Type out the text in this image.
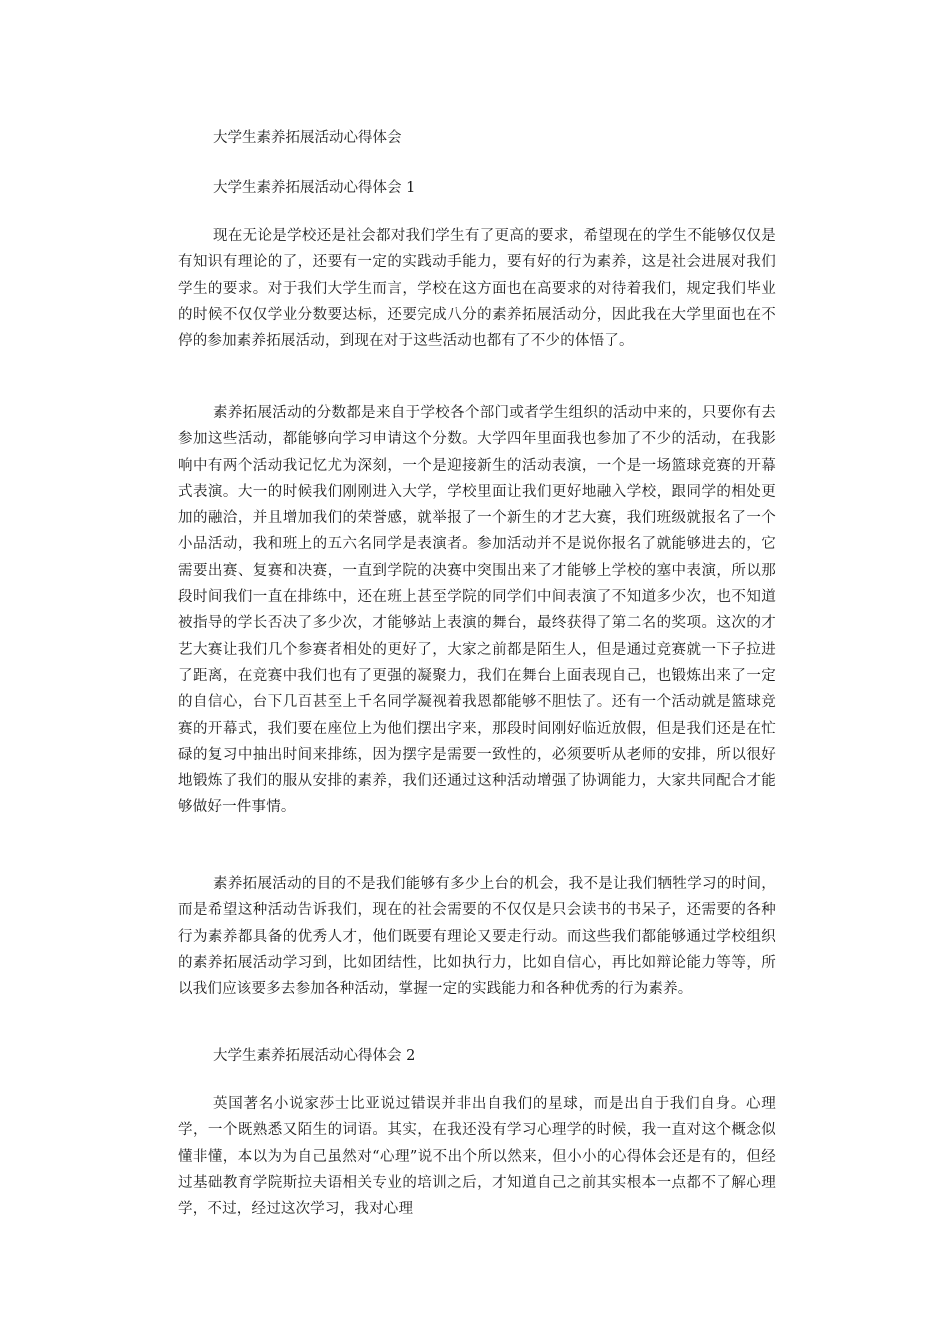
大学生素养拓展活动心得体会
大学生素养拓展活动心得体会 1

现在无论是学校还是社会都对我们学生有了更高的要求，希望现在的学生不能够仅仅是有知识有理论的了，还要有一定的实践动手能力，要有好的行为素养，这是社会进展对我们学生的要求。对于我们大学生而言，学校在这方面也在高要求的对待着我们，规定我们毕业的时候不仅仅学业分数要达标，还要完成八分的素养拓展活动分，因此我在大学里面也在不停的参加素养拓展活动，到现在对于这些活动也都有了不少的体悟了。

素养拓展活动的分数都是来自于学校各个部门或者学生组织的活动中来的，只要你有去参加这些活动，都能够向学习申请这个分数。大学四年里面我也参加了不少的活动，在我影响中有两个活动我记忆尤为深刻，一个是迎接新生的活动表演，一个是一场篮球竞赛的开幕式表演。大一的时候我们刚刚进入大学，学校里面让我们更好地融入学校，跟同学的相处更加的融洽，并且增加我们的荣誉感，就举报了一个新生的才艺大赛，我们班级就报名了一个小品活动，我和班上的五六名同学是表演者。参加活动并不是说你报名了就能够进去的，它需要出赛、复赛和决赛，一直到学院的决赛中突围出来了才能够上学校的塞中表演，所以那段时间我们一直在排练中，还在班上甚至学院的同学们中间表演了不知道多少次，也不知道被指导的学长否决了多少次，才能够站上表演的舞台，最终获得了第二名的奖项。这次的才艺大赛让我们几个参赛者相处的更好了，大家之前都是陌生人，但是通过竞赛就一下子拉进了距离，在竞赛中我们也有了更强的凝聚力，我们在舞台上面表现自己，也锻炼出来了一定的自信心，台下几百甚至上千名同学凝视着我恩都能够不胆怯了。还有一个活动就是篮球竞赛的开幕式，我们要在座位上为他们摆出字来，那段时间刚好临近放假，但是我们还是在忙碌的复习中抽出时间来排练，因为摆字是需要一致性的，必须要听从老师的安排，所以很好地锻炼了我们的服从安排的素养，我们还通过这种活动增强了协调能力，大家共同配合才能够做好一件事情。

素养拓展活动的目的不是我们能够有多少上台的机会，我不是让我们牺牲学习的时间，而是希望这种活动告诉我们，现在的社会需要的不仅仅是只会读书的书呆子，还需要的各种行为素养都具备的优秀人才，他们既要有理论又要走行动。而这些我们都能够通过学校组织的素养拓展活动学习到，比如团结性，比如执行力，比如自信心，再比如辩论能力等等，所以我们应该要多去参加各种活动，掌握一定的实践能力和各种优秀的行为素养。

大学生素养拓展活动心得体会 2

英国著名小说家莎士比亚说过错误并非出自我们的星球，而是出自于我们自身。心理学，一个既熟悉又陌生的词语。其实，在我还没有学习心理学的时候，我一直对这个概念似懂非懂，本以为为自己虽然对“心理”说不出个所以然来，但小小的心得体会还是有的，但经过基础教育学院斯拉夫语相关专业的培训之后，才知道自己之前其实根本一点都不了解心理学，不过，经过这次学习，我对心理
